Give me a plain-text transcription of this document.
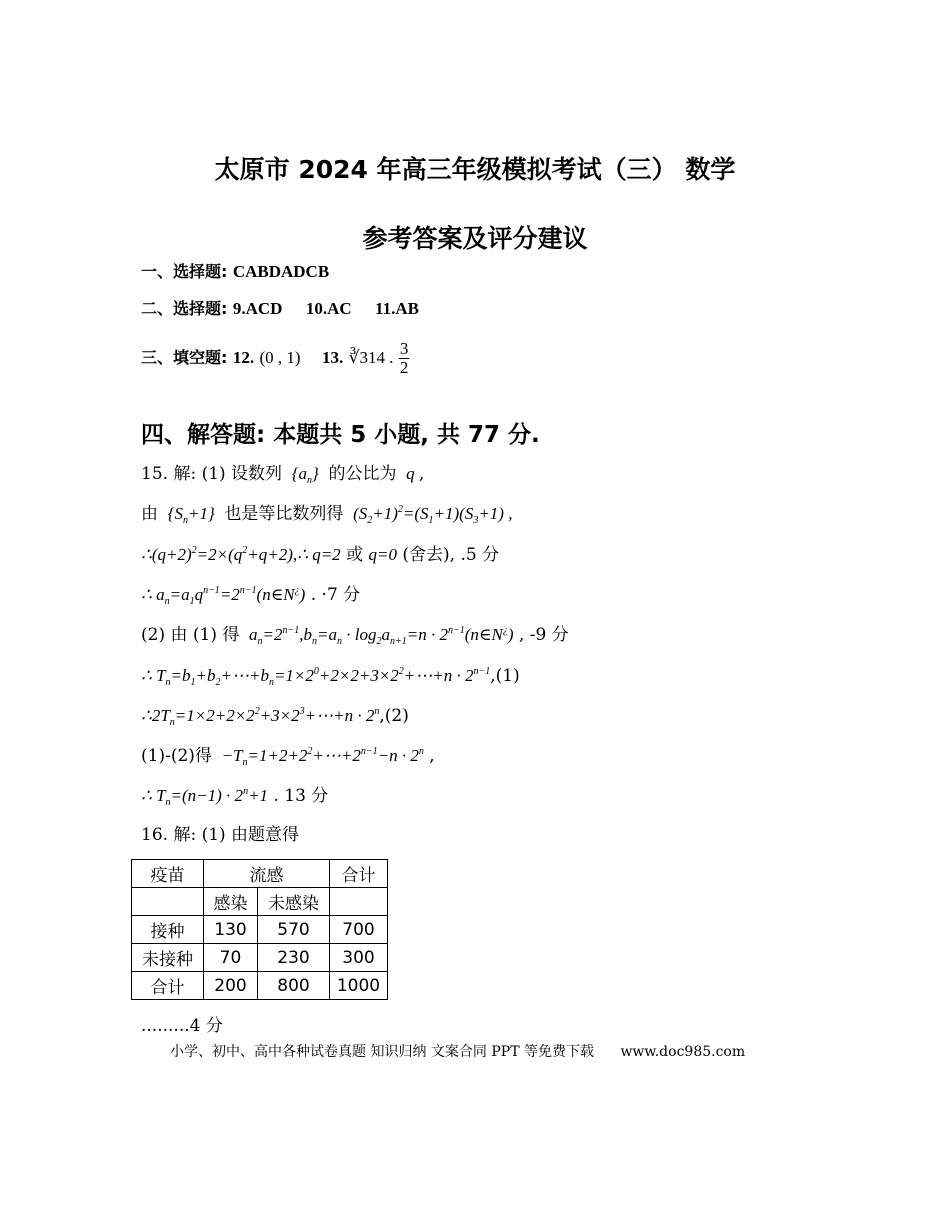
太原市 2024 年高三年级模拟考试（三） 数学
参考答案及评分建议
一、选择题: CABDADCB
二、选择题: 9.ACD 10.AC 11.AB
三、填空题: 12. (0 , 1) 13. ∛314 . $\frac{3}{2}$
四、解答题: 本题共 5 小题, 共 77 分.
15. 解: (1) 设数列  $\{a_n\}$  的公比为  q ,
由  $\{S_n+1\}$  也是等比数列得  $(S_2+1)^2=(S_1+1)(S_3+1)$ ,
$\therefore(q+2)^2=2\times(q^2+q+2),\therefore$ q=2 或 q=0 (舍去), .5 分
∴ $a_n=a_1q^{n-1}=2^{n-1}(n\in N^¿)$ . ·7 分
(2) 由 (1) 得  $a_n=2^{n-1},b_n=a_n \cdot \log_2a_{n+1}=n$ · $2^{n-1}(n\in N^¿)$ , -9 分
∴ $T_n=b_1+b_2+\cdots+b_n=1\times 2^0+2\times 2+3\times 2^2+\cdots+n \cdot 2^{n-1},(1)$
$\therefore 2T_n=1\times 2+2\times 2^2+3\times 2^3+\cdots+n \cdot 2^n,(2)$
(1)-(2)得  $-T_n=1+2+2^2+\cdots+2^{n-1}-n \cdot 2^n$ ,
∴ $T_n=(n-1) \cdot 2^n+1$ . 13 分
16. 解: (1) 由题意得
疫苗	流感		合计
	感染	未感染	
接种	130	570	700
未接种	70	230	300
合计	200	800	1000
.........4 分
小学、初中、高中各种试卷真题 知识归纳 文案合同 PPT 等免费下载 www.doc985.com
